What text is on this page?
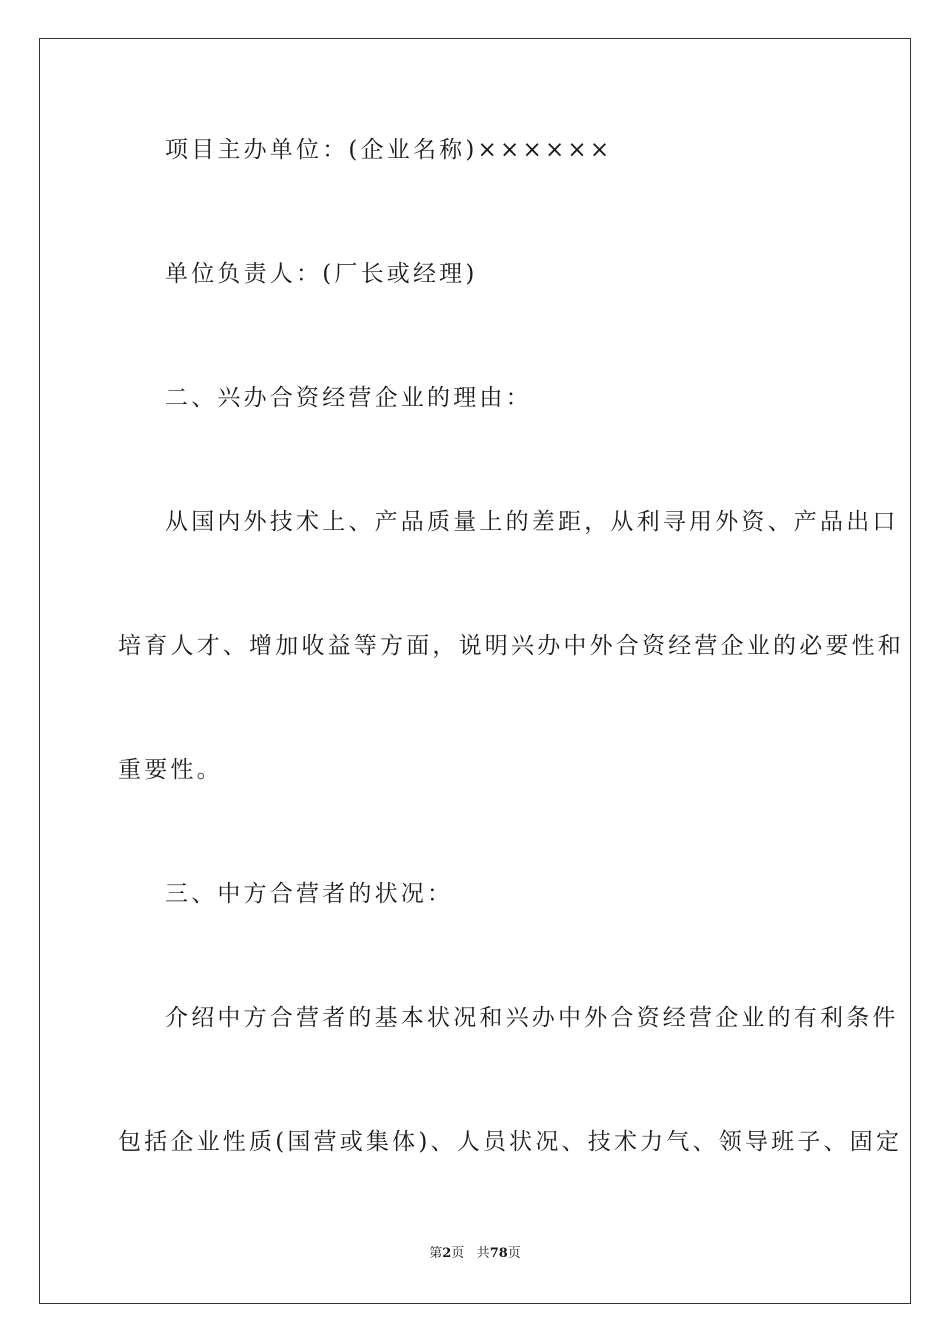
项目主办单位：(企业名称)××××××
单位负责人：(厂长或经理)
二、兴办合资经营企业的理由：
从国内外技术上、产品质量上的差距，从利寻用外资、产品出口
培育人才、增加收益等方面，说明兴办中外合资经营企业的必要性和
重要性。
三、中方合营者的状况：
介绍中方合营者的基本状况和兴办中外合资经营企业的有利条件
包括企业性质(国营或集体)、人员状况、技术力气、领导班子、固定
第2页 共78页
